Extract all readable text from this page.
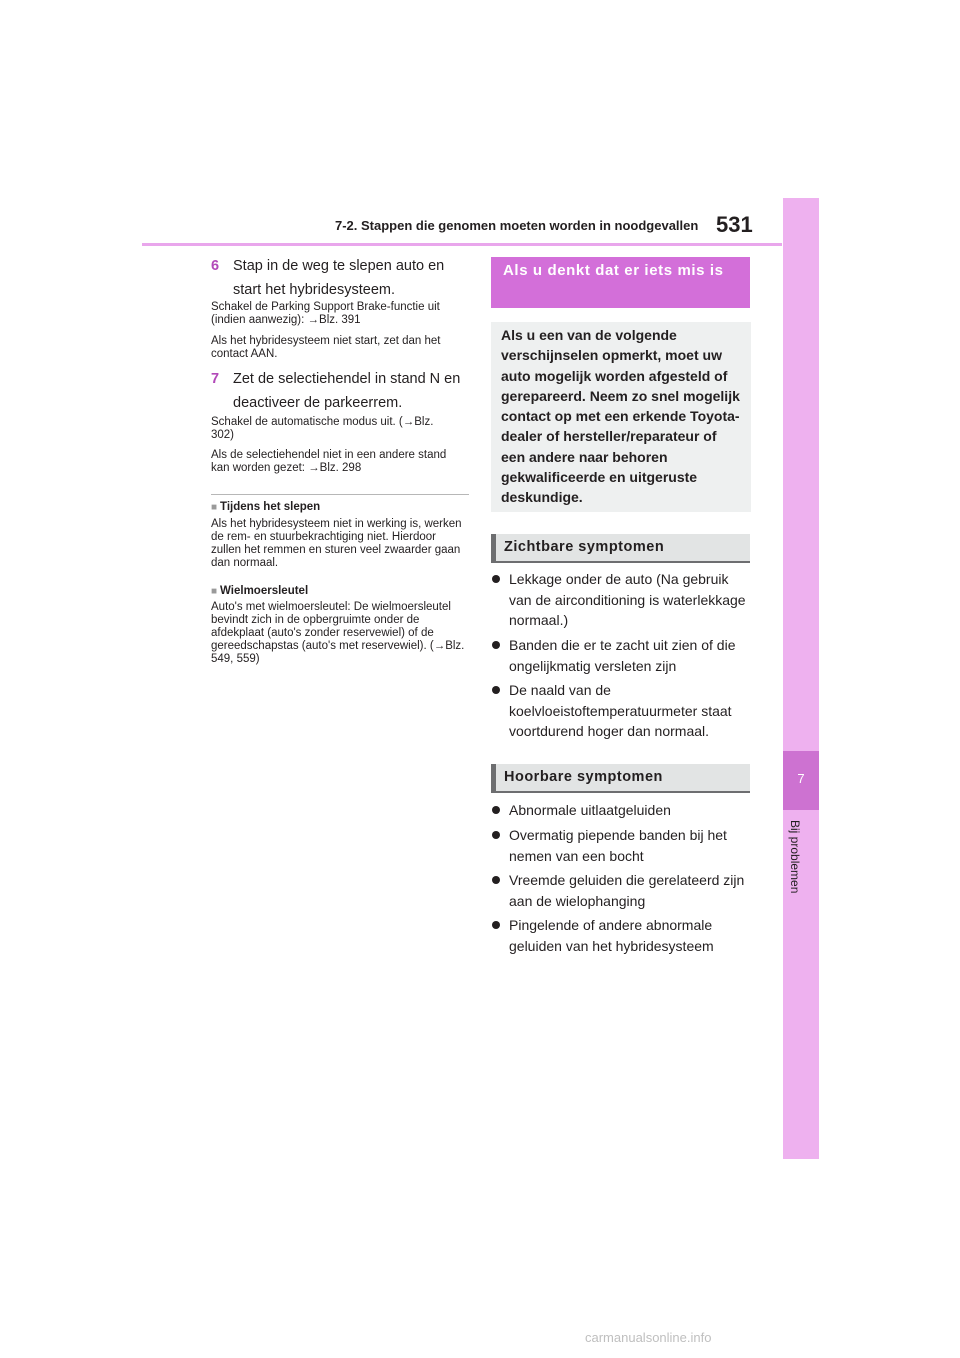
7-2. Stappen die genomen moeten worden in noodgevallen 531
7
Bij problemen
6 Stap in de weg te slepen auto en start het hybridesysteem.
Schakel de Parking Support Brake-functie uit (indien aanwezig): →Blz. 391
Als het hybridesysteem niet start, zet dan het contact AAN.
7 Zet de selectiehendel in stand N en deactiveer de parkeerrem.
Schakel de automatische modus uit. (→Blz. 302)
Als de selectiehendel niet in een andere stand kan worden gezet: →Blz. 298
■ Tijdens het slepen
Als het hybridesysteem niet in werking is, werken de rem- en stuurbekrachtiging niet. Hierdoor zullen het remmen en sturen veel zwaarder gaan dan normaal.
■ Wielmoersleutel
Auto's met wielmoersleutel: De wielmoersleutel bevindt zich in de opbergruimte onder de afdekplaat (auto's zonder reservewiel) of de gereedschapstas (auto's met reservewiel). (→Blz. 549, 559)
Als u denkt dat er iets mis is
Als u een van de volgende verschijnselen opmerkt, moet uw auto mogelijk worden afgesteld of gerepareerd. Neem zo snel mogelijk contact op met een erkende Toyota-dealer of hersteller/reparateur of een andere naar behoren gekwalificeerde en uitgeruste deskundige.
Zichtbare symptomen
Lekkage onder de auto (Na gebruik van de airconditioning is waterlekkage normaal.)
Banden die er te zacht uit zien of die ongelijkmatig versleten zijn
De naald van de koelvloeistoftemperatuurmeter staat voortdurend hoger dan normaal.
Hoorbare symptomen
Abnormale uitlaatgeluiden
Overmatig piepende banden bij het nemen van een bocht
Vreemde geluiden die gerelateerd zijn aan de wielophanging
Pingelende of andere abnormale geluiden van het hybridesysteem
carmanualsonline.info
